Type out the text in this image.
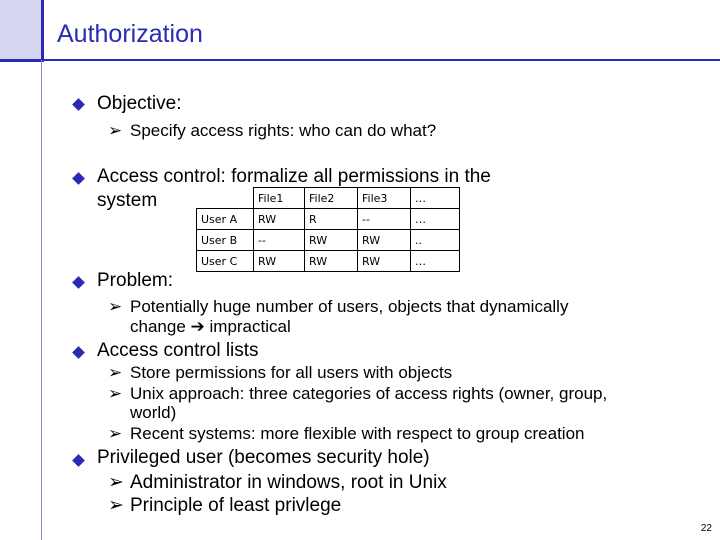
Authorization
Objective:
➢ Specify access rights: who can do what?
Access control: formalize all permissions in the
system
		File1	File2	File3	…
User A	RW	R	--	…
User B	--	RW	RW	..
User C	RW	RW	RW	…
Problem:
➢ Potentially huge number of users, objects that dynamically
change ➔ impractical
Access control lists
➢ Store permissions for all users with objects
➢ Unix approach: three categories of access rights (owner, group,
world)
➢ Recent systems: more flexible with respect to group creation
Privileged user (becomes security hole)
➢ Administrator in windows, root in Unix
➢ Principle of least privlege
22
